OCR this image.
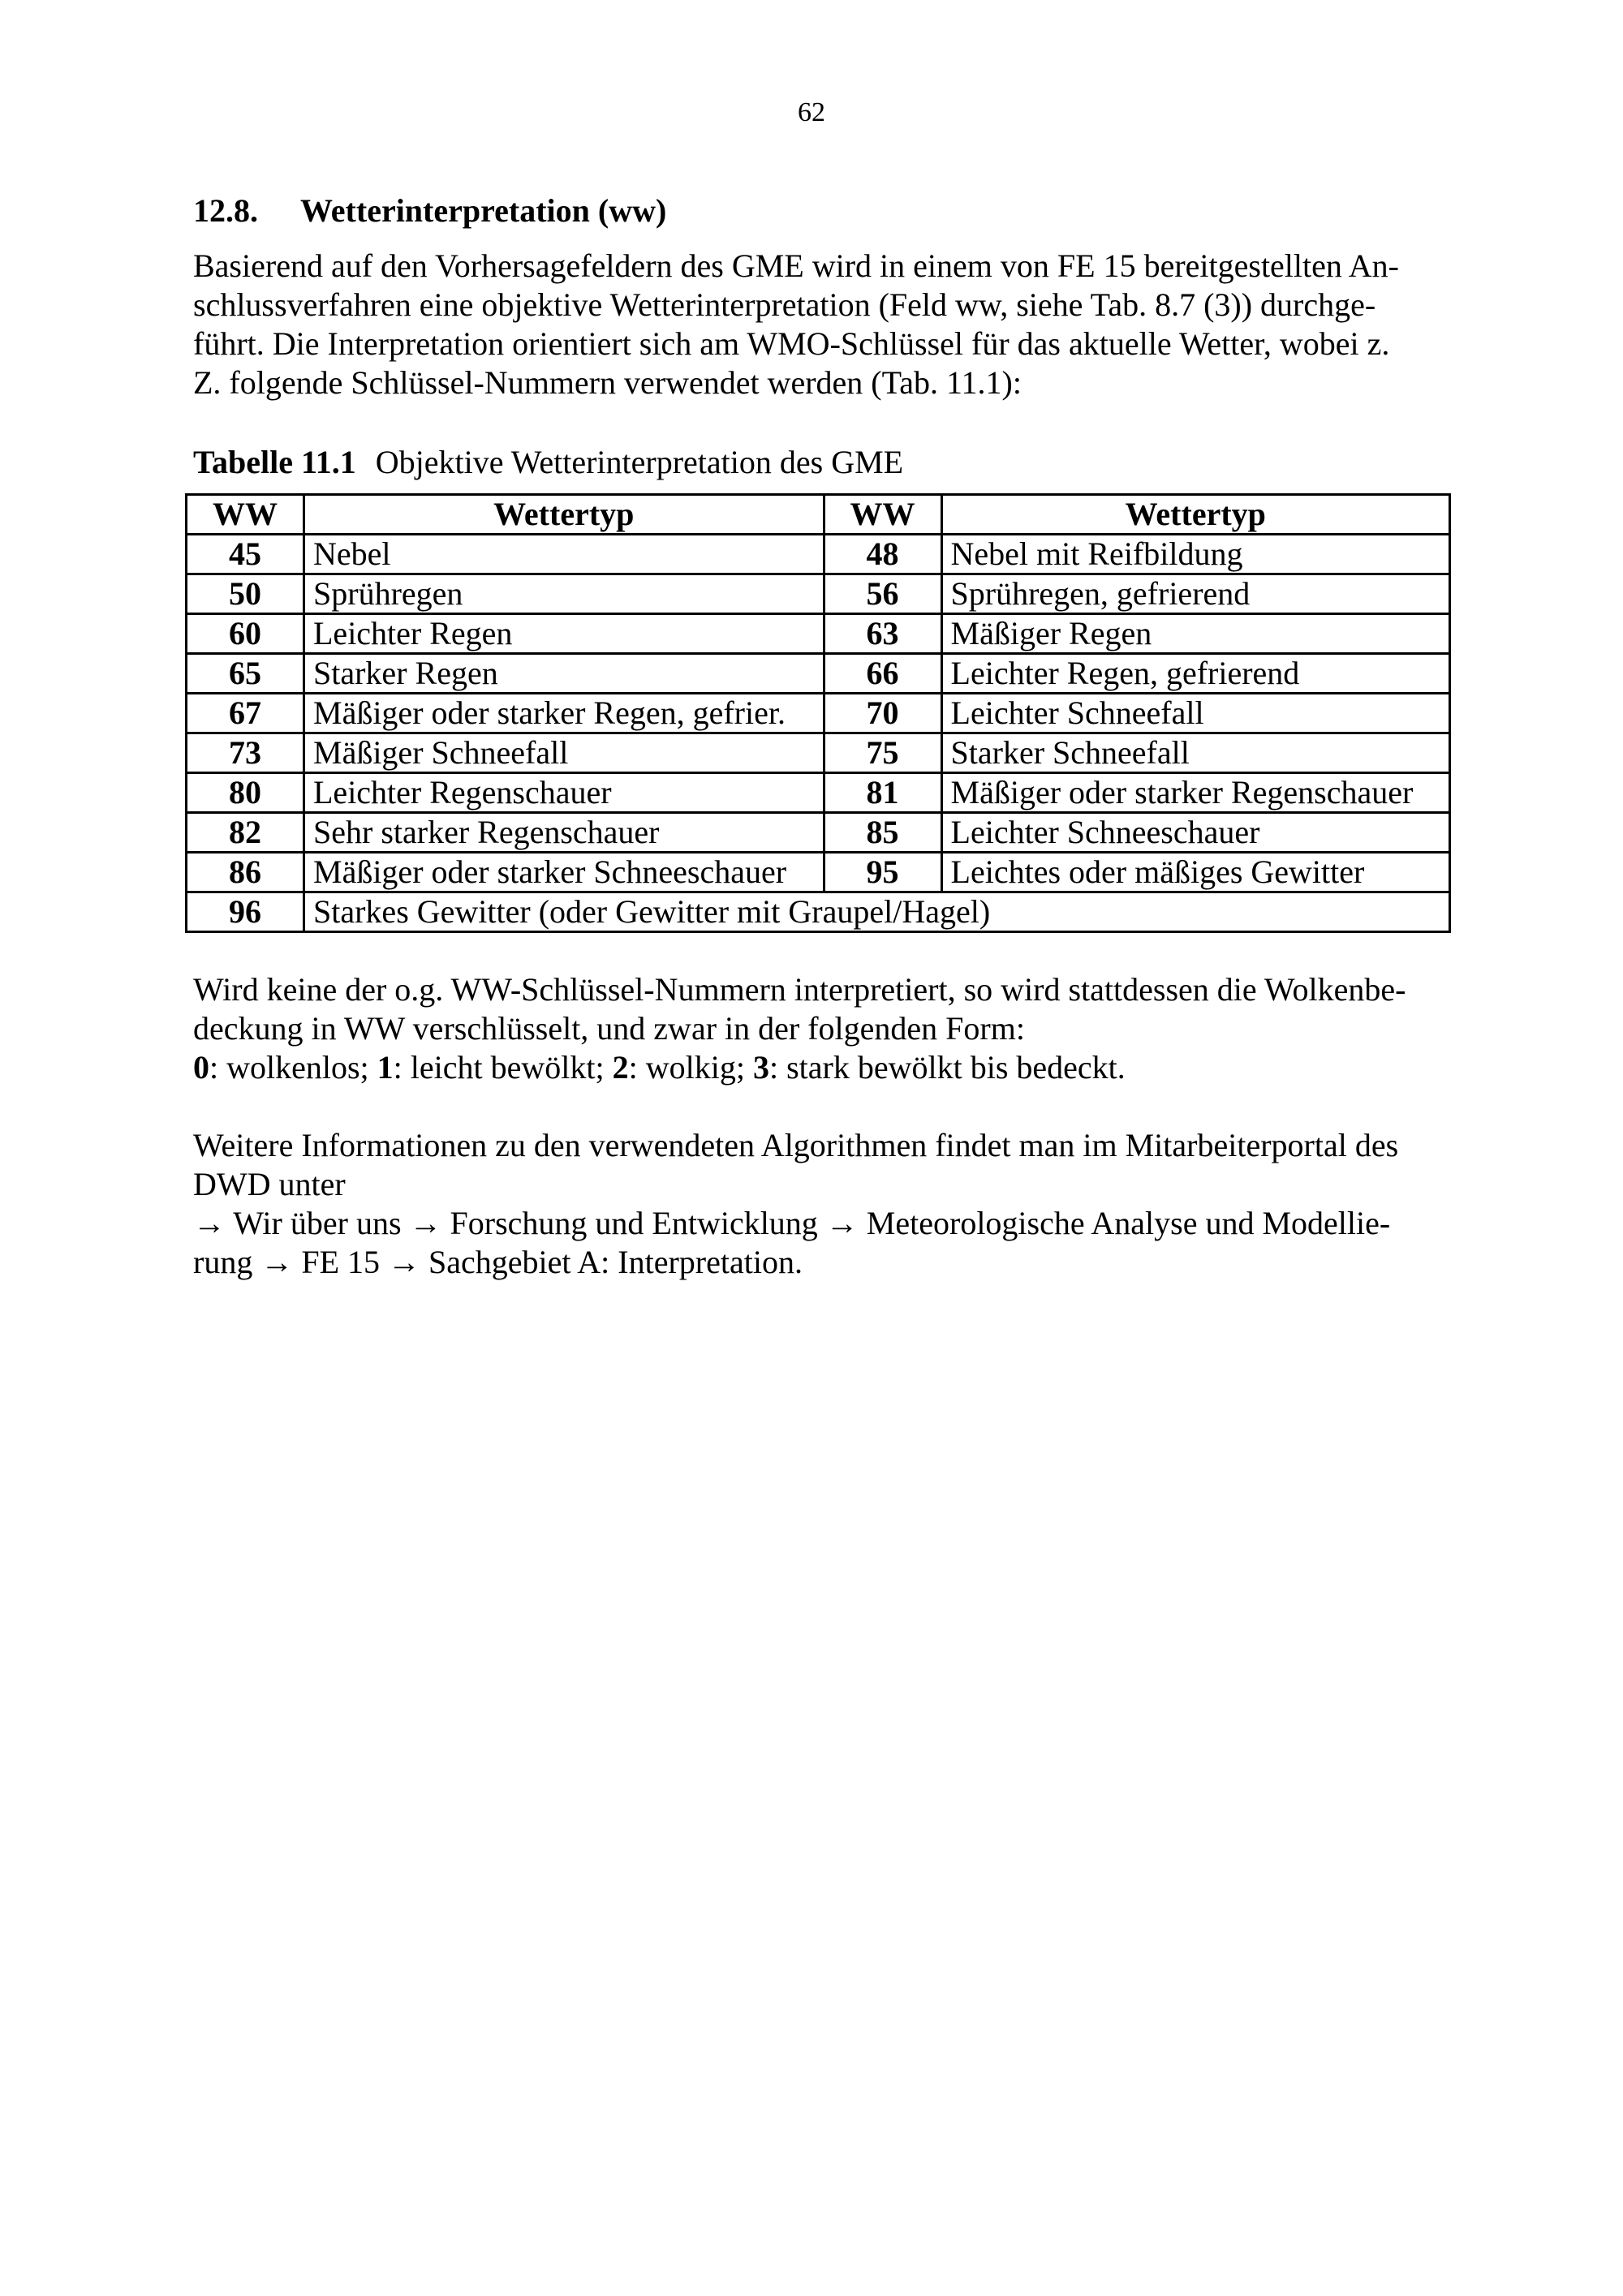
62
12.8.	Wetterinterpretation (ww)

Basierend auf den Vorhersagefeldern des GME wird in einem von FE 15 bereitgestellten An-
schlussverfahren eine objektive Wetterinterpretation (Feld ww, siehe Tab. 8.7 (3)) durchge-
führt. Die Interpretation orientiert sich am WMO-Schlüssel für das aktuelle Wetter, wobei z.
Z. folgende Schlüssel-Nummern verwendet werden (Tab. 11.1):

Tabelle 11.1 Objektive Wetterinterpretation des GME
WW	Wettertyp	WW	Wettertyp
45	Nebel	48	Nebel mit Reifbildung
50	Sprühregen	56	Sprühregen, gefrierend
60	Leichter Regen	63	Mäßiger Regen
65	Starker Regen	66	Leichter Regen, gefrierend
67	Mäßiger oder starker Regen, gefrier.	70	Leichter Schneefall
73	Mäßiger Schneefall	75	Starker Schneefall
80	Leichter Regenschauer	81	Mäßiger oder starker Regenschauer
82	Sehr starker Regenschauer	85	Leichter Schneeschauer
86	Mäßiger oder starker Schneeschauer	95	Leichtes oder mäßiges Gewitter
96	Starkes Gewitter (oder Gewitter mit Graupel/Hagel)		

Wird keine der o.g. WW-Schlüssel-Nummern interpretiert, so wird stattdessen die Wolkenbe-
deckung in WW verschlüsselt, und zwar in der folgenden Form:
0: wolkenlos; 1: leicht bewölkt; 2: wolkig; 3: stark bewölkt bis bedeckt.

Weitere Informationen zu den verwendeten Algorithmen findet man im Mitarbeiterportal des
DWD unter
→ Wir über uns → Forschung und Entwicklung → Meteorologische Analyse und Modellie-
rung → FE 15 → Sachgebiet A: Interpretation.
